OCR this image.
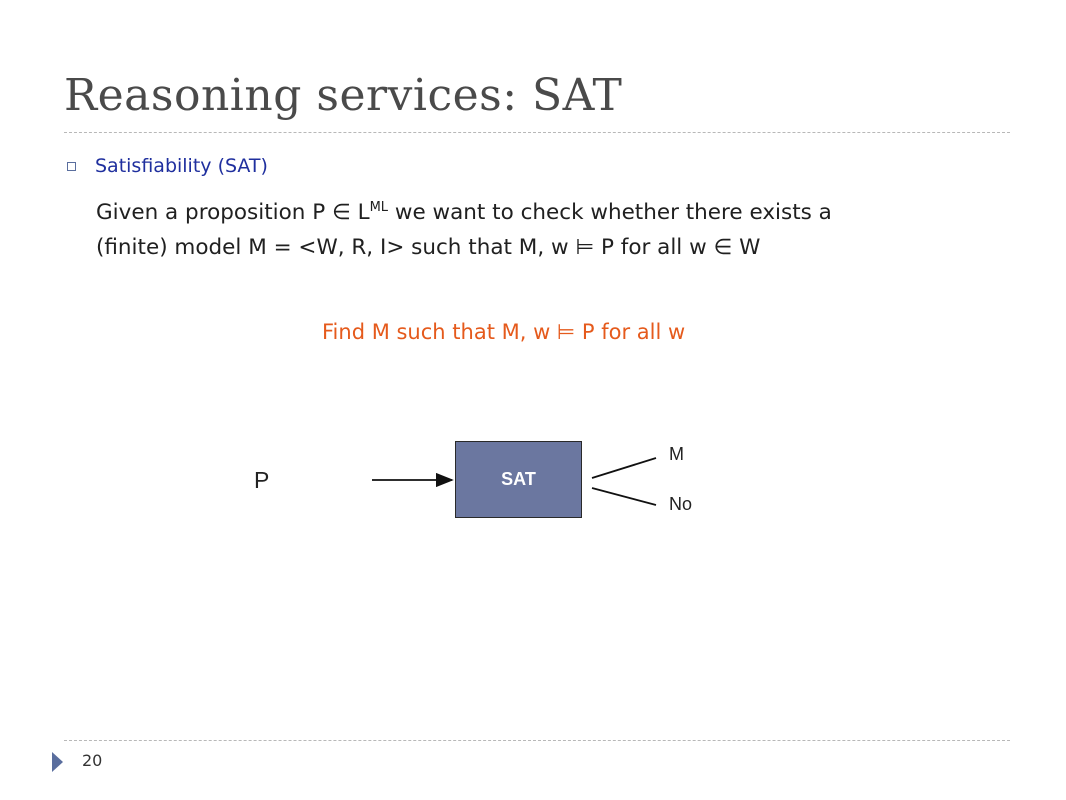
Reasoning services: SAT
Satisfiability (SAT)
Given a proposition P ∈ $L^{ML}$ we want to check whether there exists a
(finite) model M = <W, R, I> such that M, w ⊨ P for all w ∈ W
Find M such that M, w ⊨ P for all w
P	SAT
M
No
20
